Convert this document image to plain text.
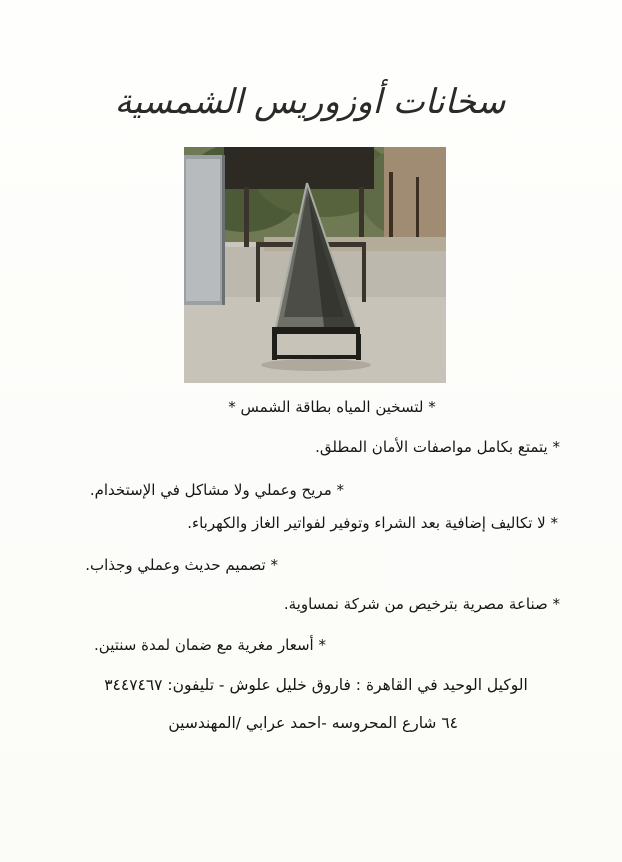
سخانات أوزوريس الشمسية
* لتسخين المياه بطاقة الشمس *
* يتمتع بكامل مواصفات الأمان المطلق.
* مريح وعملي ولا مشاكل في الإستخدام.
* لا تكاليف إضافية بعد الشراء وتوفير لفواتير الغاز والكهرباء.
* تصميم حديث وعملي وجذاب.
* صناعة مصرية بترخيص من شركة نمساوية.
* أسعار مغرية مع ضمان لمدة سنتين.
الوكيل الوحيد في القاهرة : فاروق خليل علوش - تليفون: ٣٤٤٧٤٦٧
٦٤ شارع المحروسه -احمد عرابي /المهندسين
